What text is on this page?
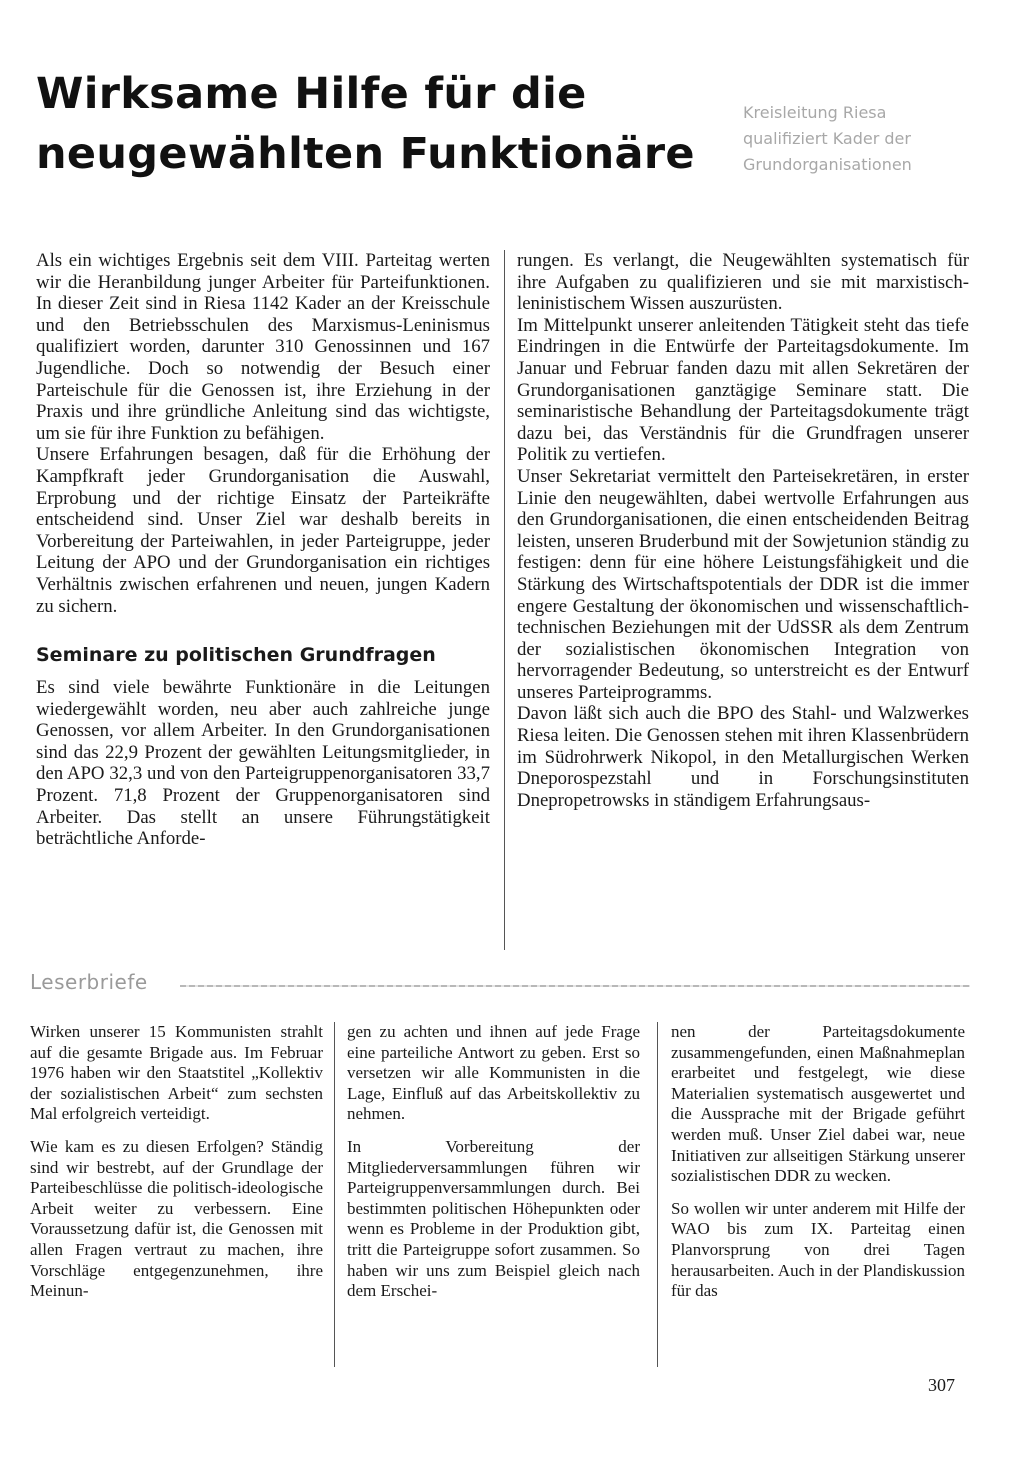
Wirksame Hilfe für die
neugewählten Funktionäre
Kreisleitung Riesa
qualifiziert Kader der
Grundorganisationen

Als ein wichtiges Ergebnis seit dem VIII. Parteitag werten wir die Heranbildung junger Arbeiter für Parteifunktionen. In dieser Zeit sind in Riesa 1142 Kader an der Kreisschule und den Betriebsschulen des Marxismus-Leninismus qualifiziert worden, darunter 310 Genossinnen und 167 Jugendliche. Doch so notwendig der Besuch einer Parteischule für die Genossen ist, ihre Erziehung in der Praxis und ihre gründliche Anleitung sind das wichtigste, um sie für ihre Funktion zu befähigen.

Unsere Erfahrungen besagen, daß für die Erhöhung der Kampfkraft jeder Grundorganisation die Auswahl, Erprobung und der richtige Einsatz der Parteikräfte entscheidend sind. Unser Ziel war deshalb bereits in Vorbereitung der Parteiwahlen, in jeder Parteigruppe, jeder Leitung der APO und der Grundorganisation ein richtiges Verhältnis zwischen erfahrenen und neuen, jungen Kadern zu sichern.

Seminare zu politischen Grundfragen

Es sind viele bewährte Funktionäre in die Leitungen wiedergewählt worden, neu aber auch zahlreiche junge Genossen, vor allem Arbeiter. In den Grundorganisationen sind das 22,9 Prozent der gewählten Leitungsmitglieder, in den APO 32,3 und von den Parteigruppenorganisatoren 33,7 Prozent. 71,8 Prozent der Gruppenorganisatoren sind Arbeiter. Das stellt an unsere Führungstätigkeit beträchtliche Anforde-

rungen. Es verlangt, die Neugewählten systematisch für ihre Aufgaben zu qualifizieren und sie mit marxistisch-leninistischem Wissen auszurüsten.

Im Mittelpunkt unserer anleitenden Tätigkeit steht das tiefe Eindringen in die Entwürfe der Parteitagsdokumente. Im Januar und Februar fanden dazu mit allen Sekretären der Grundorganisationen ganztägige Seminare statt. Die seminaristische Behandlung der Parteitagsdokumente trägt dazu bei, das Verständnis für die Grundfragen unserer Politik zu vertiefen.

Unser Sekretariat vermittelt den Parteisekretären, in erster Linie den neugewählten, dabei wertvolle Erfahrungen aus den Grundorganisationen, die einen entscheidenden Beitrag leisten, unseren Bruderbund mit der Sowjetunion ständig zu festigen: denn für eine höhere Leistungsfähigkeit und die Stärkung des Wirtschaftspotentials der DDR ist die immer engere Gestaltung der ökonomischen und wissenschaftlich-technischen Beziehungen mit der UdSSR als dem Zentrum der sozialistischen ökonomischen Integration von hervorragender Bedeutung, so unterstreicht es der Entwurf unseres Parteiprogramms.

Davon läßt sich auch die BPO des Stahl- und Walzwerkes Riesa leiten. Die Genossen stehen mit ihren Klassenbrüdern im Südrohrwerk Nikopol, in den Metallurgischen Werken Dneporospezstahl und in Forschungsinstituten Dnepropetrowsks in ständigem Erfahrungsaus-

Leserbriefe

Wirken unserer 15 Kommunisten strahlt auf die gesamte Brigade aus. Im Februar 1976 haben wir den Staatstitel „Kollektiv der sozialistischen Arbeit“ zum sechsten Mal erfolgreich verteidigt.

Wie kam es zu diesen Erfolgen? Ständig sind wir bestrebt, auf der Grundlage der Parteibeschlüsse die politisch-ideologische Arbeit weiter zu verbessern. Eine Voraussetzung dafür ist, die Genossen mit allen Fragen vertraut zu machen, ihre Vorschläge entgegenzunehmen, ihre Meinun-

gen zu achten und ihnen auf jede Frage eine parteiliche Antwort zu geben. Erst so versetzen wir alle Kommunisten in die Lage, Einfluß auf das Arbeitskollektiv zu nehmen.

In Vorbereitung der Mitgliederversammlungen führen wir Parteigruppenversammlungen durch. Bei bestimmten politischen Höhepunkten oder wenn es Probleme in der Produktion gibt, tritt die Parteigruppe sofort zusammen. So haben wir uns zum Beispiel gleich nach dem Erschei-

nen der Parteitagsdokumente zusammengefunden, einen Maßnahmeplan erarbeitet und festgelegt, wie diese Materialien systematisch ausgewertet und die Aussprache mit der Brigade geführt werden muß. Unser Ziel dabei war, neue Initiativen zur allseitigen Stärkung unserer sozialistischen DDR zu wecken.

So wollen wir unter anderem mit Hilfe der WAO bis zum IX. Parteitag einen Planvorsprung von drei Tagen herausarbeiten. Auch in der Plandiskussion für das

307
